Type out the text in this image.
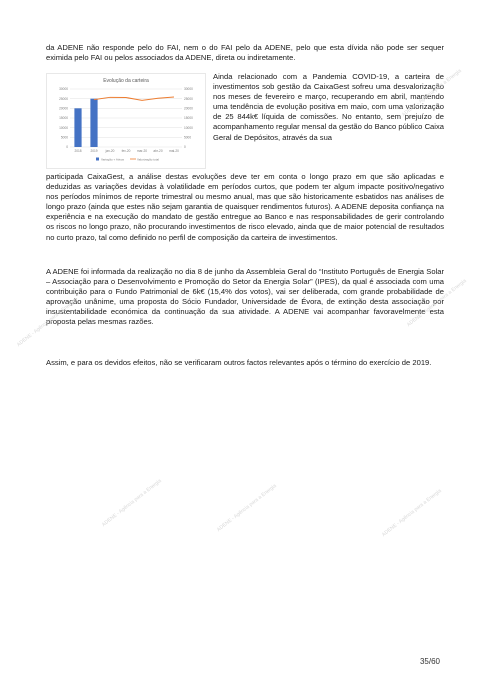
da ADENE não responde pelo do FAI, nem o do FAI pelo da ADENE, pelo que esta dívida não pode ser sequer eximida pelo FAI ou pelos associados da ADENE, direta ou indiretamente.

Evolução da carteira
0
5000
10000
15000
20000
25000
30000
0
5000
10000
15000
20000
25000
30000
2018	2019	jan-20 fev-20 mar-20 abr-20 mai-20
Variação + Ativos	Valorização total

Ainda relacionado com a Pandemia COVID-19, a carteira de investimentos sob gestão da CaixaGest sofreu uma desvalorização nos meses de fevereiro e março, recuperando em abril, mantendo uma tendência de evolução positiva em maio, com uma valorização de 25 844k€ líquida de comissões. No entanto, sem prejuízo de acompanhamento regular mensal da gestão do Banco público Caixa Geral de Depósitos, através da sua

participada CaixaGest, a análise destas evoluções deve ter em conta o longo prazo em que são aplicadas e deduzidas as variações devidas à volatilidade em períodos curtos, que podem ter algum impacte positivo/negativo nos períodos mínimos de reporte trimestral ou mesmo anual, mas que são historicamente esbatidos nas análises de longo prazo (ainda que estes não sejam garantia de quaisquer rendimentos futuros). A ADENE deposita confiança na experiência e na execução do mandato de gestão entregue ao Banco e nas responsabilidades de gerir controlando os riscos no longo prazo, não procurando investimentos de risco elevado, ainda que de maior potencial de resultados no curto prazo, tal como definido no perfil de composição da carteira de investimentos.

A ADENE foi informada da realização no dia 8 de junho da Assembleia Geral do “Instituto Português de Energia Solar – Associação para o Desenvolvimento e Promoção do Setor da Energia Solar” (IPES), da qual é associada com uma contribuição para o Fundo Patrimonial de 6k€ (15,4% dos votos), vai ser deliberada, com grande probabilidade de aprovação unânime, uma proposta do Sócio Fundador, Universidade de Évora, de extinção desta associação por insustentabilidade económica da continuação da sua atividade. A ADENE vai acompanhar favoravelmente esta proposta pelas mesmas razões.

Assim, e para os devidos efeitos, não se verificaram outros factos relevantes após o término do exercício de 2019.

35/60
ADENE - Agência para a Energia
ADENE - Agência para a Energia	ADENE - Agência para a Energia
ADENE - Agência para a Energia	ADENE - Agência para a Energia	ADENE - Agência para a Energia
